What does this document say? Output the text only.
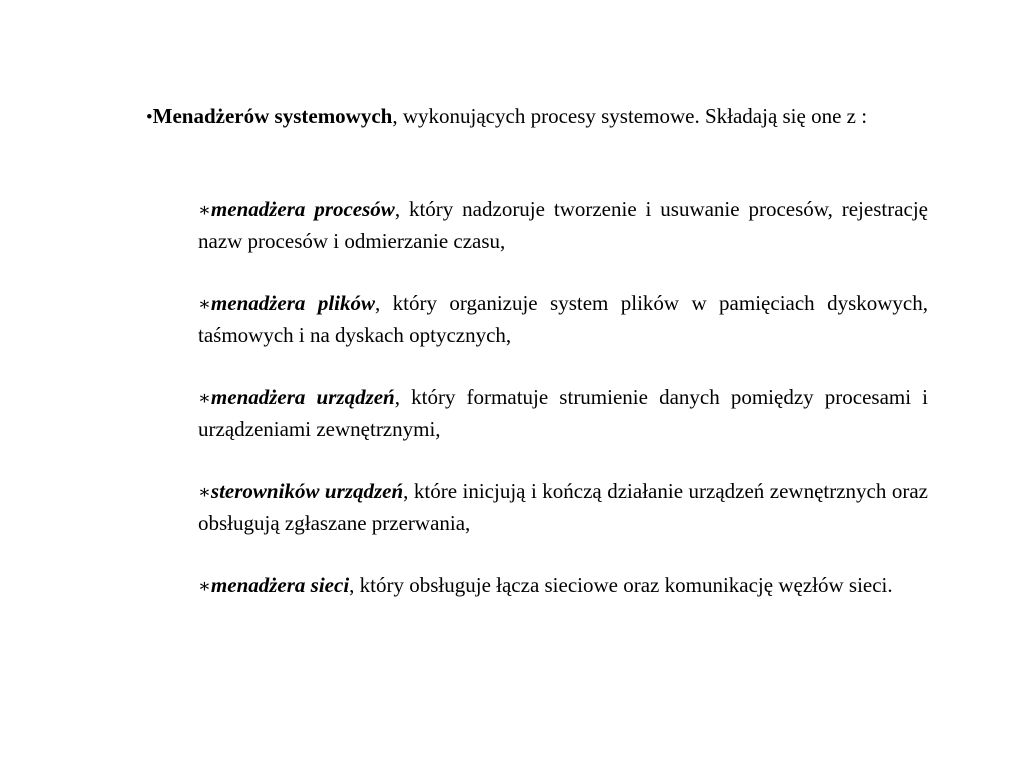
•Menadżerów systemowych, wykonujących procesy systemowe. Składają się one z :

∗menadżera procesów, który nadzoruje tworzenie i usuwanie procesów, rejestrację nazw procesów i odmierzanie czasu,

∗menadżera plików, który organizuje system plików w pamięciach dyskowych, taśmowych i na dyskach optycznych,

∗menadżera urządzeń, który formatuje strumienie danych pomiędzy procesami i urządzeniami zewnętrznymi,

∗sterowników urządzeń, które inicjują i kończą działanie urządzeń zewnętrznych oraz obsługują zgłaszane przerwania,

∗menadżera sieci, który obsługuje łącza sieciowe oraz komunikację węzłów sieci.
